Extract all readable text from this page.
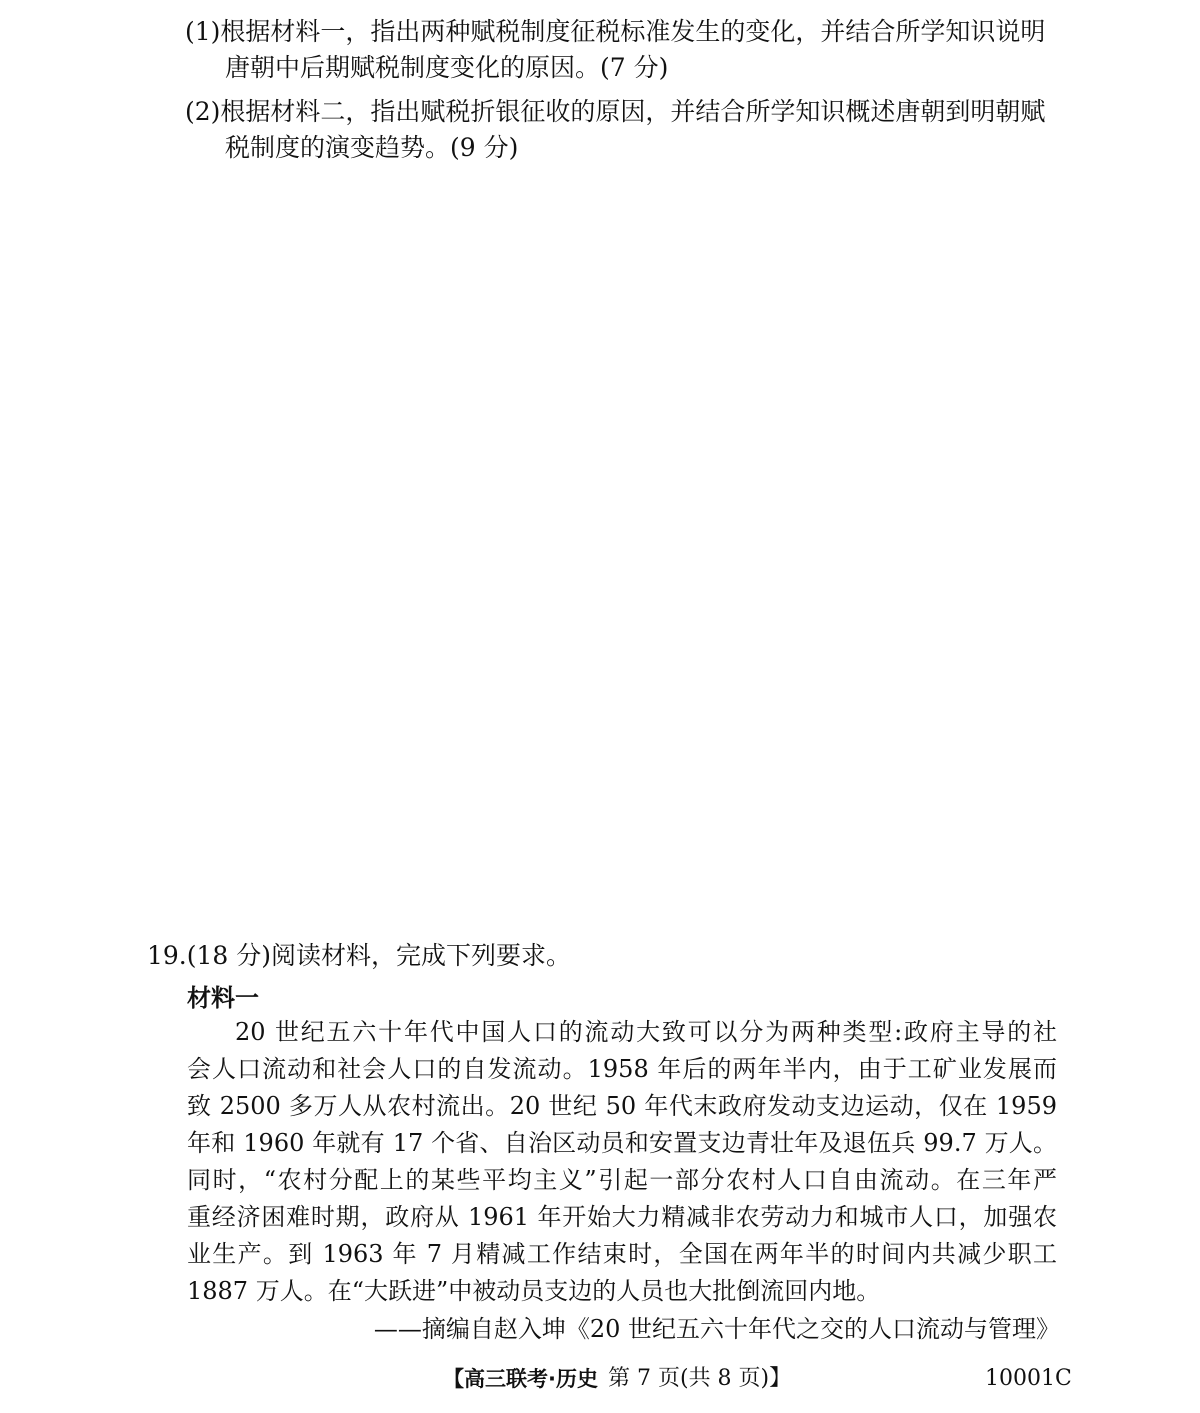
(1)根据材料一，指出两种赋税制度征税标准发生的变化，并结合所学知识说明
唐朝中后期赋税制度变化的原因。(7 分)
(2)根据材料二，指出赋税折银征收的原因，并结合所学知识概述唐朝到明朝赋
税制度的演变趋势。(9 分)
19.(18 分)阅读材料，完成下列要求。
材料一
20 世纪五六十年代中国人口的流动大致可以分为两种类型:政府主导的社
会人口流动和社会人口的自发流动。1958 年后的两年半内，由于工矿业发展而
致 2500 多万人从农村流出。20 世纪 50 年代末政府发动支边运动，仅在 1959
年和 1960 年就有 17 个省、自治区动员和安置支边青壮年及退伍兵 99.7 万人。
同时，“农村分配上的某些平均主义”引起一部分农村人口自由流动。在三年严
重经济困难时期，政府从 1961 年开始大力精减非农劳动力和城市人口，加强农
业生产。到 1963 年 7 月精减工作结束时，全国在两年半的时间内共减少职工
1887 万人。在“大跃进”中被动员支边的人员也大批倒流回内地。
——摘编自赵入坤《20 世纪五六十年代之交的人口流动与管理》
【高三联考·历史 第 7 页(共 8 页)】	10001C
